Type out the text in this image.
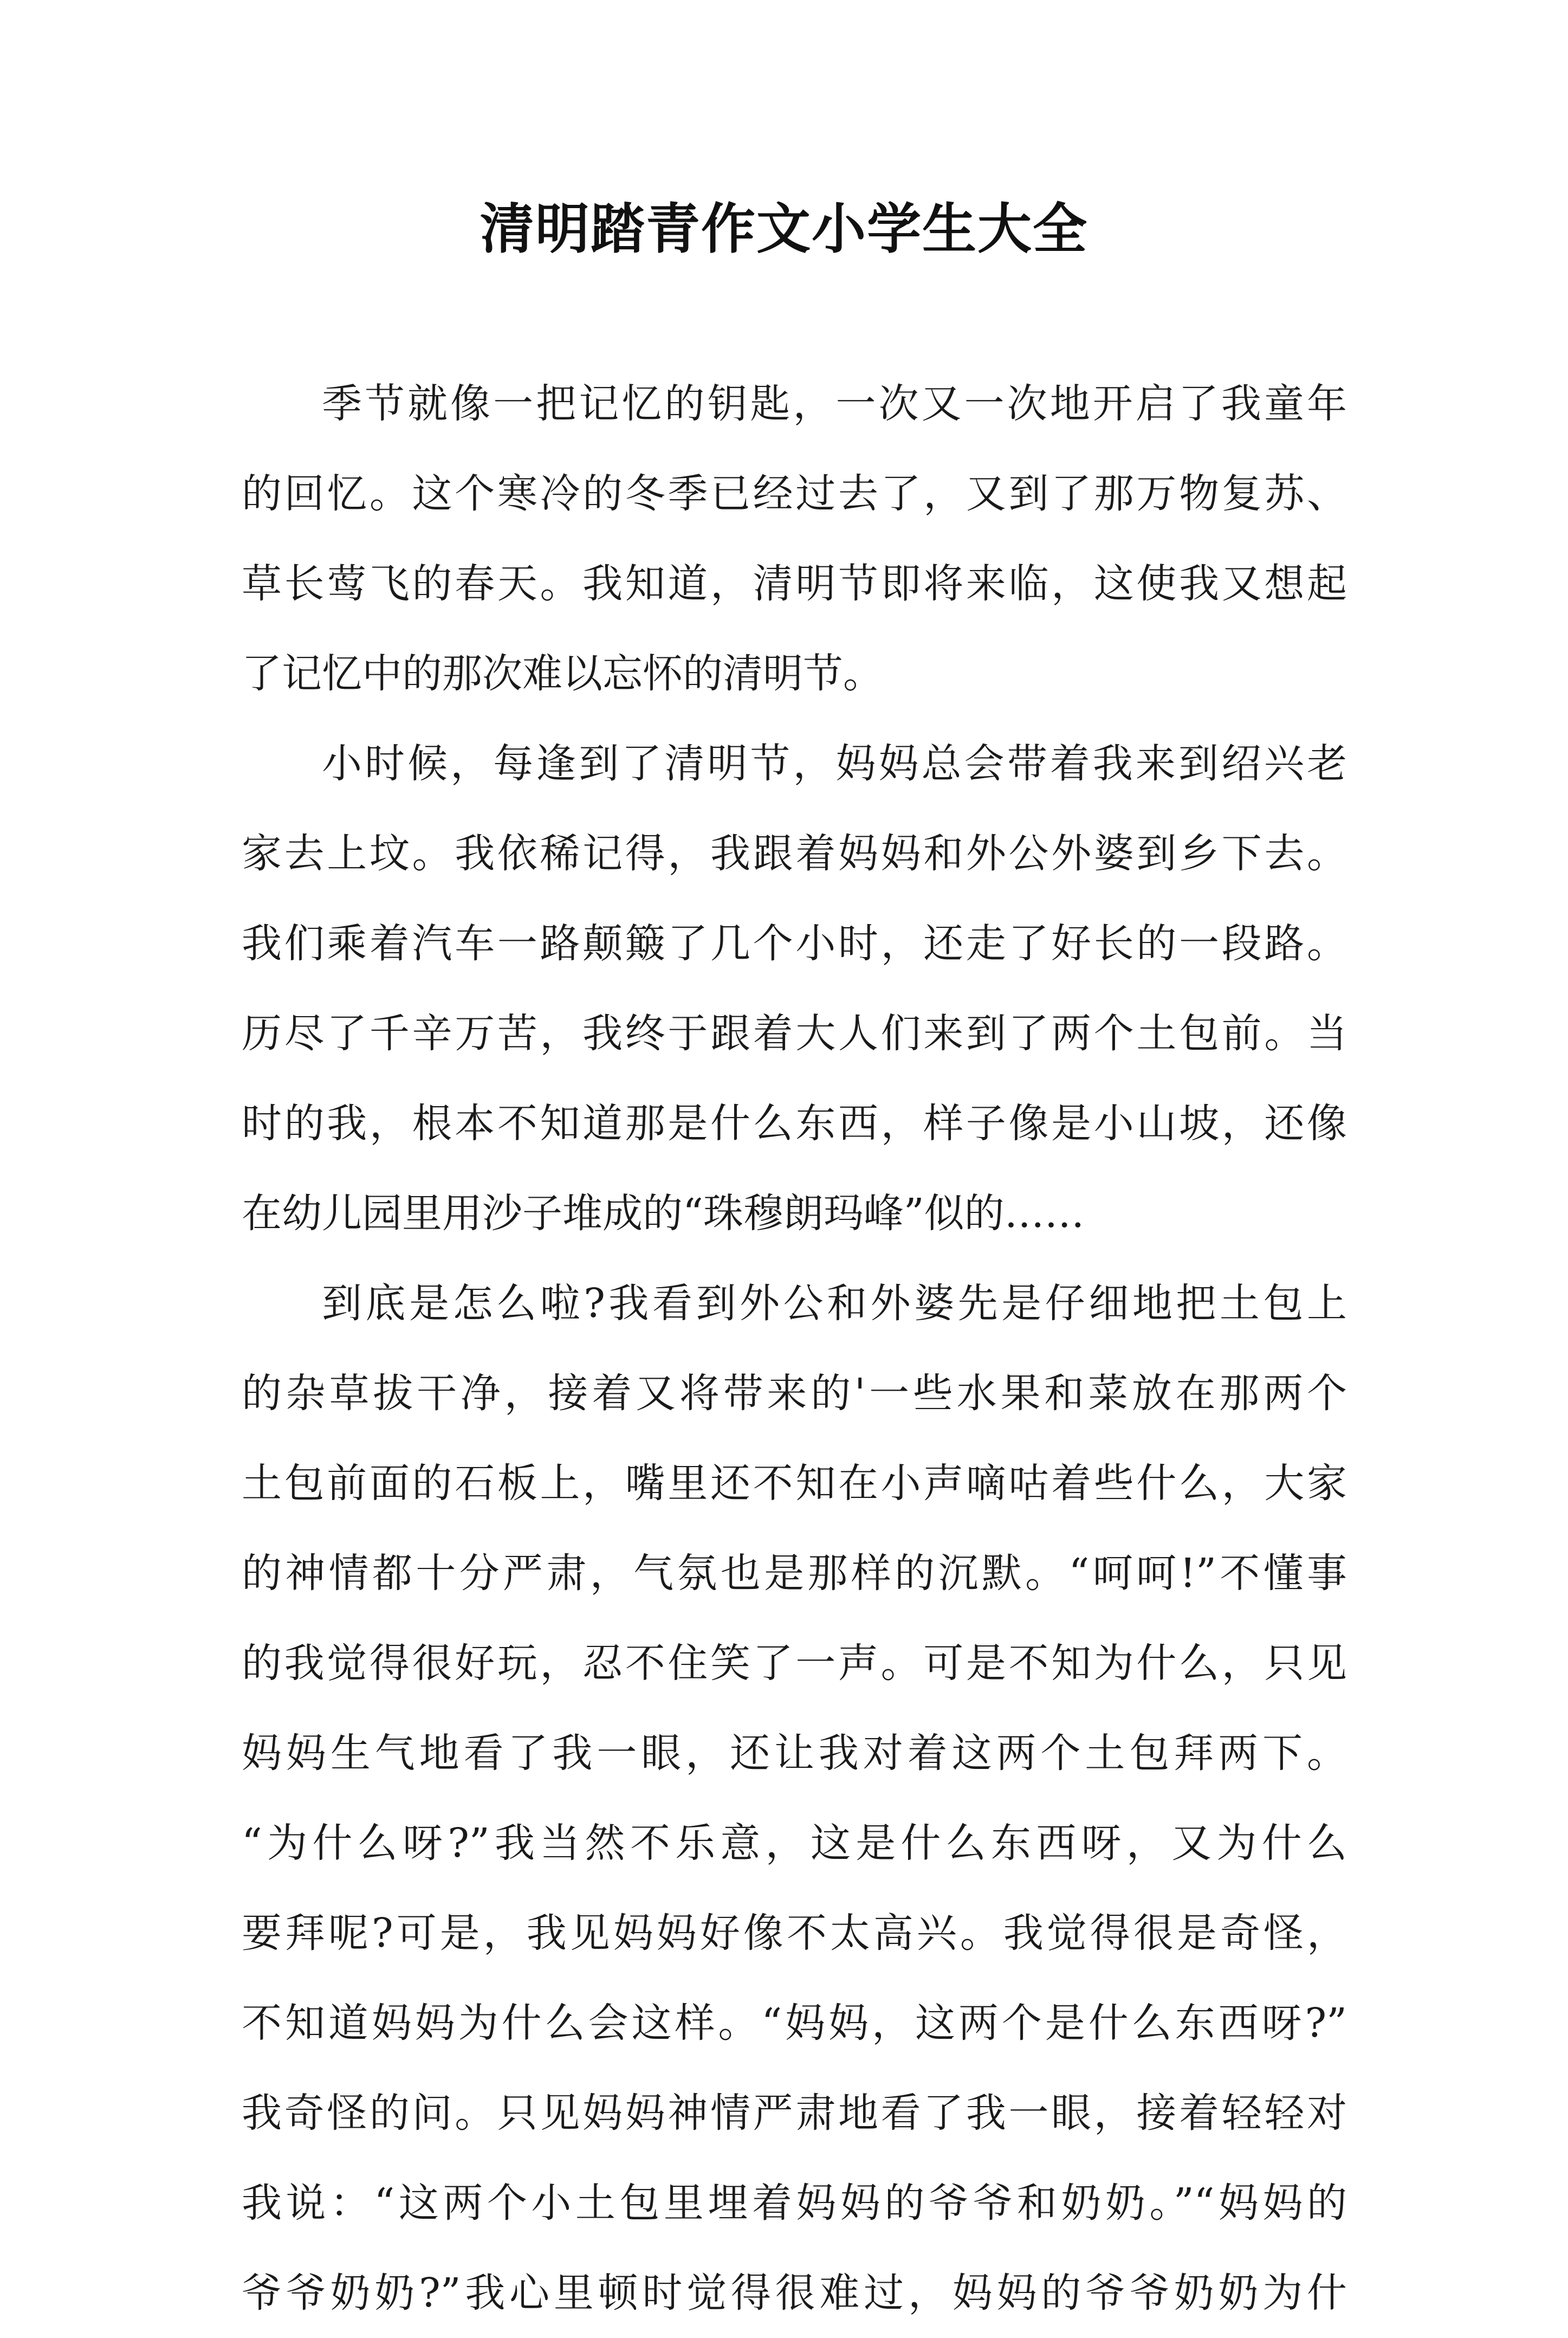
清明踏青作文小学生大全
季节就像一把记忆的钥匙，一次又一次地开启了我童年
的回忆。这个寒冷的冬季已经过去了，又到了那万物复苏、
草长莺飞的春天。我知道，清明节即将来临，这使我又想起
了记忆中的那次难以忘怀的清明节。
小时候，每逢到了清明节，妈妈总会带着我来到绍兴老
家去上坟。我依稀记得，我跟着妈妈和外公外婆到乡下去。
我们乘着汽车一路颠簸了几个小时，还走了好长的一段路。
历尽了千辛万苦，我终于跟着大人们来到了两个土包前。当
时的我，根本不知道那是什么东西，样子像是小山坡，还像
在幼儿园里用沙子堆成的“珠穆朗玛峰”似的……
到底是怎么啦?我看到外公和外婆先是仔细地把土包上
的杂草拔干净，接着又将带来的'一些水果和菜放在那两个
土包前面的石板上，嘴里还不知在小声嘀咕着些什么，大家
的神情都十分严肃，气氛也是那样的沉默。“呵呵!”不懂事
的我觉得很好玩，忍不住笑了一声。可是不知为什么，只见
妈妈生气地看了我一眼，还让我对着这两个土包拜两下。
“为什么呀?”我当然不乐意，这是什么东西呀，又为什么
要拜呢?可是，我见妈妈好像不太高兴。我觉得很是奇怪，
不知道妈妈为什么会这样。“妈妈，这两个是什么东西呀?”
我奇怪的问。只见妈妈神情严肃地看了我一眼，接着轻轻对
我说：“这两个小土包里埋着妈妈的爷爷和奶奶。”“妈妈的
爷爷奶奶?”我心里顿时觉得很难过，妈妈的爷爷奶奶为什
